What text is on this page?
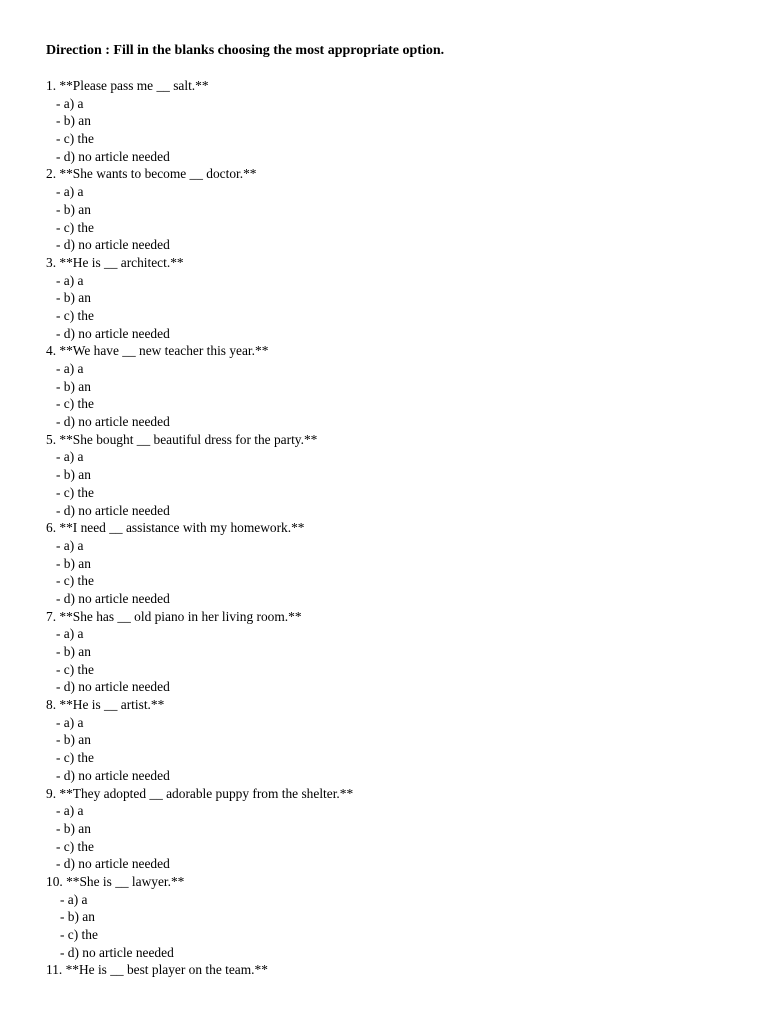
Direction : Fill in the blanks choosing the most appropriate option.

1. **Please pass me __ salt.**
- a) a
- b) an
- c) the
- d) no article needed
2. **She wants to become __ doctor.**
- a) a
- b) an
- c) the
- d) no article needed
3. **He is __ architect.**
- a) a
- b) an
- c) the
- d) no article needed
4. **We have __ new teacher this year.**
- a) a
- b) an
- c) the
- d) no article needed
5. **She bought __ beautiful dress for the party.**
- a) a
- b) an
- c) the
- d) no article needed
6. **I need __ assistance with my homework.**
- a) a
- b) an
- c) the
- d) no article needed
7. **She has __ old piano in her living room.**
- a) a
- b) an
- c) the
- d) no article needed
8. **He is __ artist.**
- a) a
- b) an
- c) the
- d) no article needed
9. **They adopted __ adorable puppy from the shelter.**
- a) a
- b) an
- c) the
- d) no article needed
10. **She is __ lawyer.**
- a) a
- b) an
- c) the
- d) no article needed
11. **He is __ best player on the team.**
